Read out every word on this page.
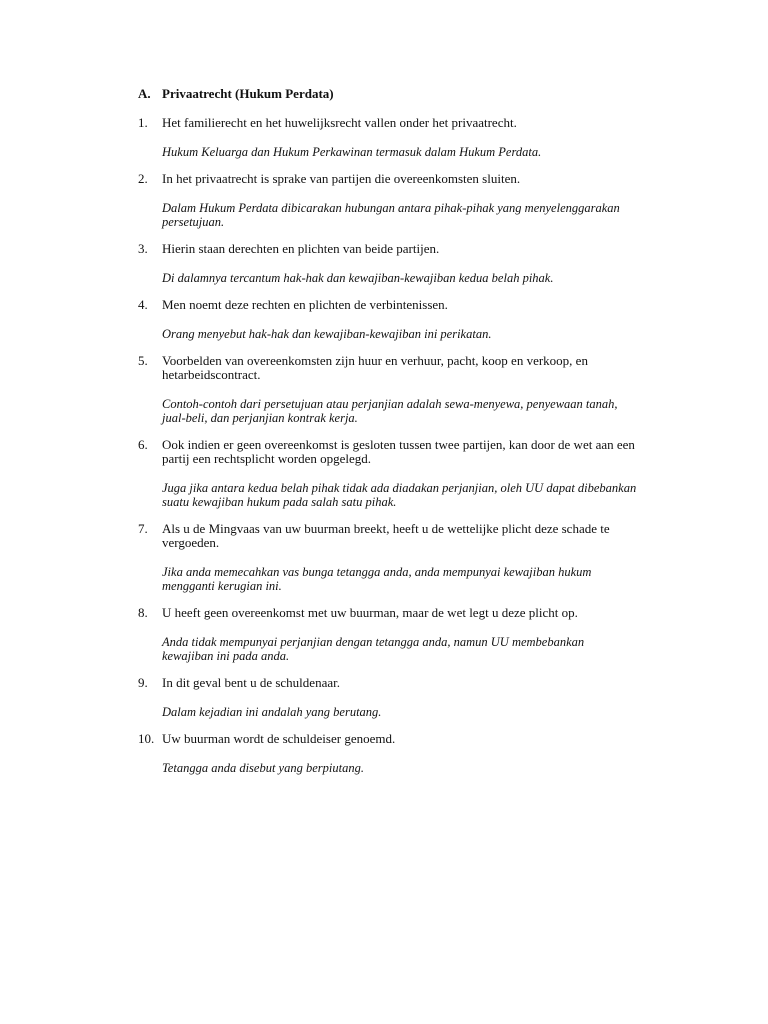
A. Privaatrecht (Hukum Perdata)
1. Het familierecht en het huwelijksrecht vallen onder het privaatrecht.
Hukum Keluarga dan Hukum Perkawinan termasuk dalam Hukum Perdata.
2. In het privaatrecht is sprake van partijen die overeenkomsten sluiten.
Dalam Hukum Perdata dibicarakan hubungan antara pihak-pihak yang menyelenggarakan persetujuan.
3. Hierin staan derechten en plichten van beide partijen.
Di dalamnya tercantum hak-hak dan kewajiban-kewajiban kedua belah pihak.
4. Men noemt deze rechten en plichten de verbintenissen.
Orang menyebut hak-hak dan kewajiban-kewajiban ini perikatan.
5. Voorbelden van overeenkomsten zijn huur en verhuur, pacht, koop en verkoop, en hetarbeidscontract.
Contoh-contoh dari persetujuan atau perjanjian adalah sewa-menyewa, penyewaan tanah, jual-beli, dan perjanjian kontrak kerja.
6. Ook indien er geen overeenkomst is gesloten tussen twee partijen, kan door de wet aan een partij een rechtsplicht worden opgelegd.
Juga jika antara kedua belah pihak tidak ada diadakan perjanjian, oleh UU dapat dibebankan suatu kewajiban hukum pada salah satu pihak.
7. Als u de Mingvaas van uw buurman breekt, heeft u de wettelijke plicht deze schade te vergoeden.
Jika anda memecahkan vas bunga tetangga anda, anda mempunyai kewajiban hukum mengganti kerugian ini.
8. U heeft geen overeenkomst met uw buurman, maar de wet legt u deze plicht op.
Anda tidak mempunyai perjanjian dengan tetangga anda, namun UU membebankan kewajiban ini pada anda.
9. In dit geval bent u de schuldenaar.
Dalam kejadian ini andalah yang berutang.
10. Uw buurman wordt de schuldeiser genoemd.
Tetangga anda disebut yang berpiutang.
